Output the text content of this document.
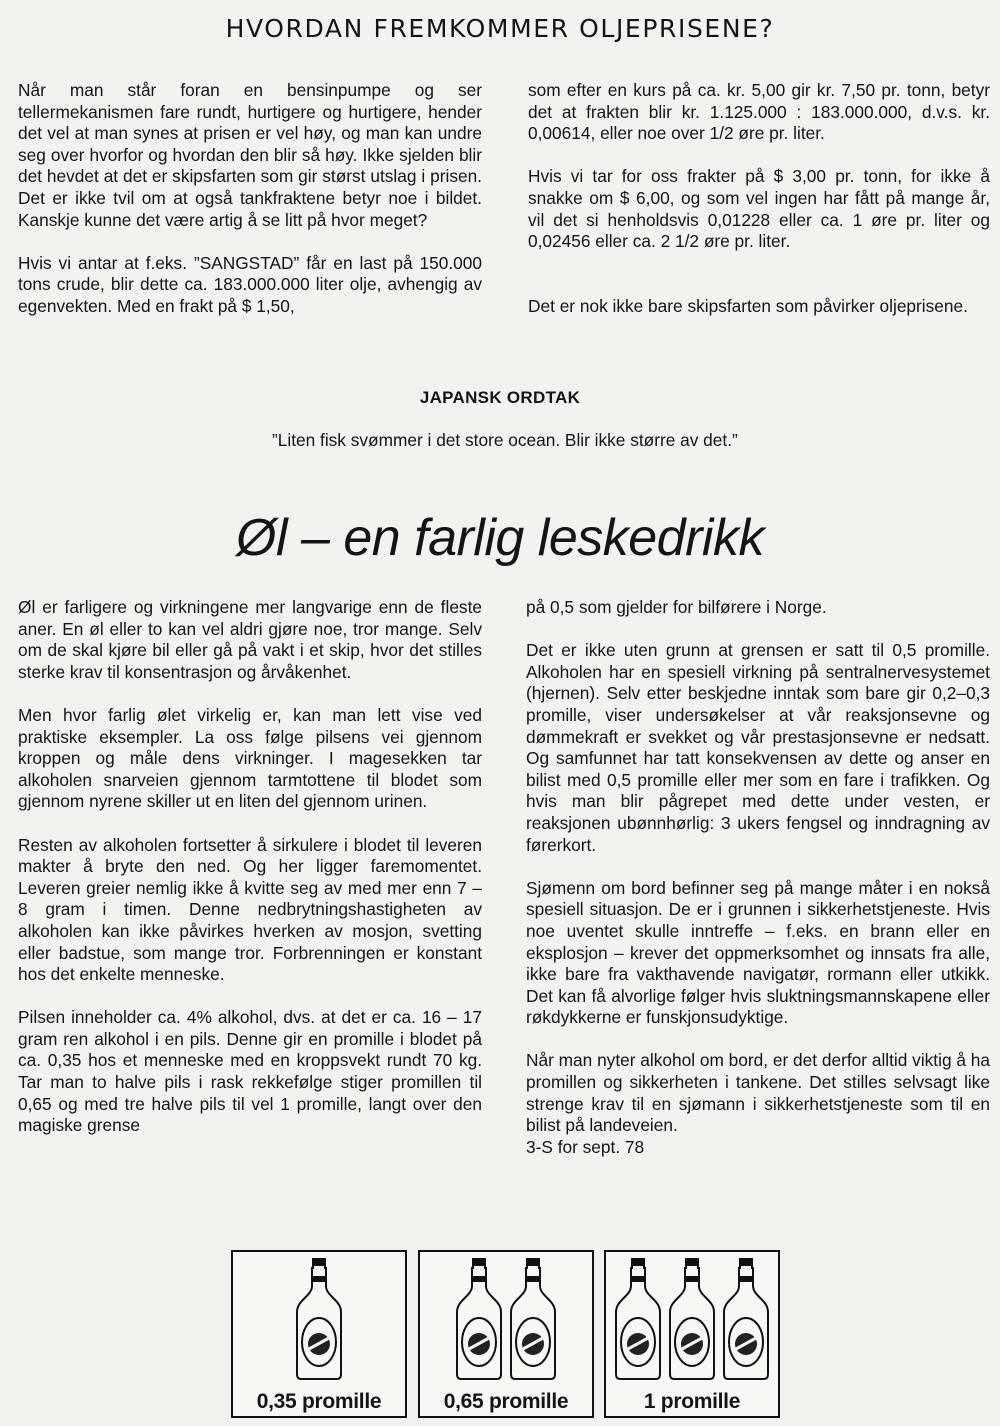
HVORDAN FREMKOMMER OLJEPRISENE?

Når man står foran en bensinpumpe og ser tellermekanismen fare rundt, hurtigere og hurtigere, hender det vel at man synes at prisen er vel høy, og man kan undre seg over hvorfor og hvordan den blir så høy. Ikke sjelden blir det hevdet at det er skipsfarten som gir størst utslag i prisen. Det er ikke tvil om at også tankfraktene betyr noe i bildet. Kanskje kunne det være artig å se litt på hvor meget?

Hvis vi antar at f.eks. ”SANGSTAD” får en last på 150.000 tons crude, blir dette ca. 183.000.000 liter olje, avhengig av egenvekten. Med en frakt på $ 1,50,

som efter en kurs på ca. kr. 5,00 gir kr. 7,50 pr. tonn, betyr det at frakten blir kr. 1.125.000 : 183.000.000, d.v.s. kr. 0,00614, eller noe over 1/2 øre pr. liter.

Hvis vi tar for oss frakter på $ 3,00 pr. tonn, for ikke å snakke om $ 6,00, og som vel ingen har fått på mange år, vil det si henholdsvis 0,01228 eller ca. 1 øre pr. liter og 0,02456 eller ca. 2 1/2 øre pr. liter.

Det er nok ikke bare skipsfarten som påvirker oljeprisene.

JAPANSK ORDTAK

”Liten fisk svømmer i det store ocean. Blir ikke større av det.”

Øl – en farlig leskedrikk

Øl er farligere og virkningene mer langvarige enn de fleste aner. En øl eller to kan vel aldri gjøre noe, tror mange. Selv om de skal kjøre bil eller gå på vakt i et skip, hvor det stilles sterke krav til konsentrasjon og årvåkenhet.

Men hvor farlig ølet virkelig er, kan man lett vise ved praktiske eksempler. La oss følge pilsens vei gjennom kroppen og måle dens virkninger. I magesekken tar alkoholen snarveien gjennom tarmtottene til blodet som gjennom nyrene skiller ut en liten del gjennom urinen.

Resten av alkoholen fortsetter å sirkulere i blodet til leveren makter å bryte den ned. Og her ligger faremomentet. Leveren greier nemlig ikke å kvitte seg av med mer enn 7 – 8 gram i timen. Denne nedbrytningshastigheten av alkoholen kan ikke påvirkes hverken av mosjon, svetting eller badstue, som mange tror. Forbrenningen er konstant hos det enkelte menneske.

Pilsen inneholder ca. 4% alkohol, dvs. at det er ca. 16 – 17 gram ren alkohol i en pils. Denne gir en promille i blodet på ca. 0,35 hos et menneske med en kroppsvekt rundt 70 kg. Tar man to halve pils i rask rekkefølge stiger promillen til 0,65 og med tre halve pils til vel 1 promille, langt over den magiske grense

på 0,5 som gjelder for bilførere i Norge.

Det er ikke uten grunn at grensen er satt til 0,5 promille. Alkoholen har en spesiell virkning på sentralnervesystemet (hjernen). Selv etter beskjedne inntak som bare gir 0,2–0,3 promille, viser undersøkelser at vår reaksjonsevne og dømmekraft er svekket og vår prestasjonsevne er nedsatt. Og samfunnet har tatt konsekvensen av dette og anser en bilist med 0,5 promille eller mer som en fare i trafikken. Og hvis man blir pågrepet med dette under vesten, er reaksjonen ubønnhørlig: 3 ukers fengsel og inndragning av førerkort.

Sjømenn om bord befinner seg på mange måter i en nokså spesiell situasjon. De er i grunnen i sikkerhetstjeneste. Hvis noe uventet skulle inntreffe – f.eks. en brann eller en eksplosjon – krever det oppmerksomhet og innsats fra alle, ikke bare fra vakthavende navigatør, rormann eller utkikk. Det kan få alvorlige følger hvis sluktningsmannskapene eller røkdykkerne er funskjonsudyktige.

Når man nyter alkohol om bord, er det derfor alltid viktig å ha promillen og sikkerheten i tankene. Det stilles selvsagt like strenge krav til en sjømann i sikkerhetstjeneste som til en bilist på landeveien.

3-S for sept. 78

0,35 promille	0,65 promille	1 promille
